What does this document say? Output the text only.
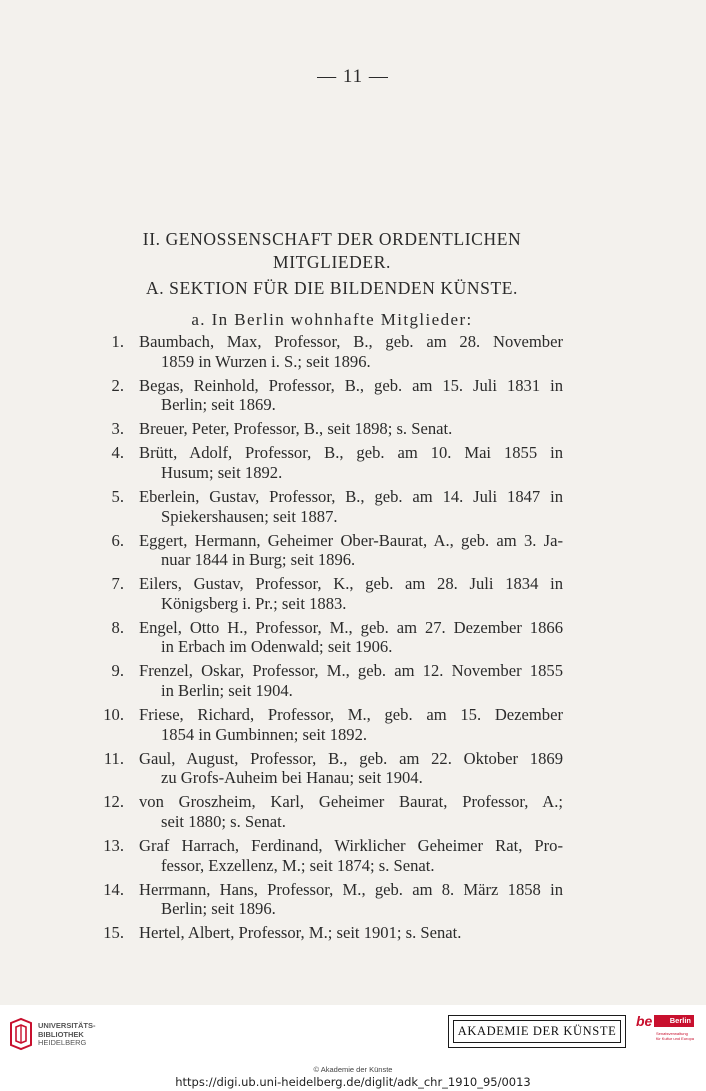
— 11 —
II. GENOSSENSCHAFT DER ORDENTLICHEN
MITGLIEDER.
A. SEKTION FÜR DIE BILDENDEN KÜNSTE.
a. In Berlin wohnhafte Mitglieder:
1. Baumbach, Max, Professor, B., geb. am 28. November
1859 in Wurzen i. S.; seit 1896.
2. Begas, Reinhold, Professor, B., geb. am 15. Juli 1831 in
Berlin; seit 1869.
3. Breuer, Peter, Professor, B., seit 1898; s. Senat.
4. Brütt, Adolf, Professor, B., geb. am 10. Mai 1855 in
Husum; seit 1892.
5. Eberlein, Gustav, Professor, B., geb. am 14. Juli 1847 in
Spiekershausen; seit 1887.
6. Eggert, Hermann, Geheimer Ober-Baurat, A., geb. am 3. Ja-
nuar 1844 in Burg; seit 1896.
7. Eilers, Gustav, Professor, K., geb. am 28. Juli 1834 in
Königsberg i. Pr.; seit 1883.
8. Engel, Otto H., Professor, M., geb. am 27. Dezember 1866
in Erbach im Odenwald; seit 1906.
9. Frenzel, Oskar, Professor, M., geb. am 12. November 1855
in Berlin; seit 1904.
10. Friese, Richard, Professor, M., geb. am 15. Dezember
1854 in Gumbinnen; seit 1892.
11. Gaul, August, Professor, B., geb. am 22. Oktober 1869
zu Grofs-Auheim bei Hanau; seit 1904.
12. von Groszheim, Karl, Geheimer Baurat, Professor, A.;
seit 1880; s. Senat.
13. Graf Harrach, Ferdinand, Wirklicher Geheimer Rat, Pro-
fessor, Exzellenz, M.; seit 1874; s. Senat.
14. Herrmann, Hans, Professor, M., geb. am 8. März 1858 in
Berlin; seit 1896.
15. Hertel, Albert, Professor, M.; seit 1901; s. Senat.
UNIVERSITÄTS-
BIBLIOTHEK
HEIDELBERG
AKADEMIE DER KÜNSTE
be	Berlin
Senatsverwaltung
für Kultur und Europa
© Akademie der Künste
https://digi.ub.uni-heidelberg.de/diglit/adk_chr_1910_95/0013
